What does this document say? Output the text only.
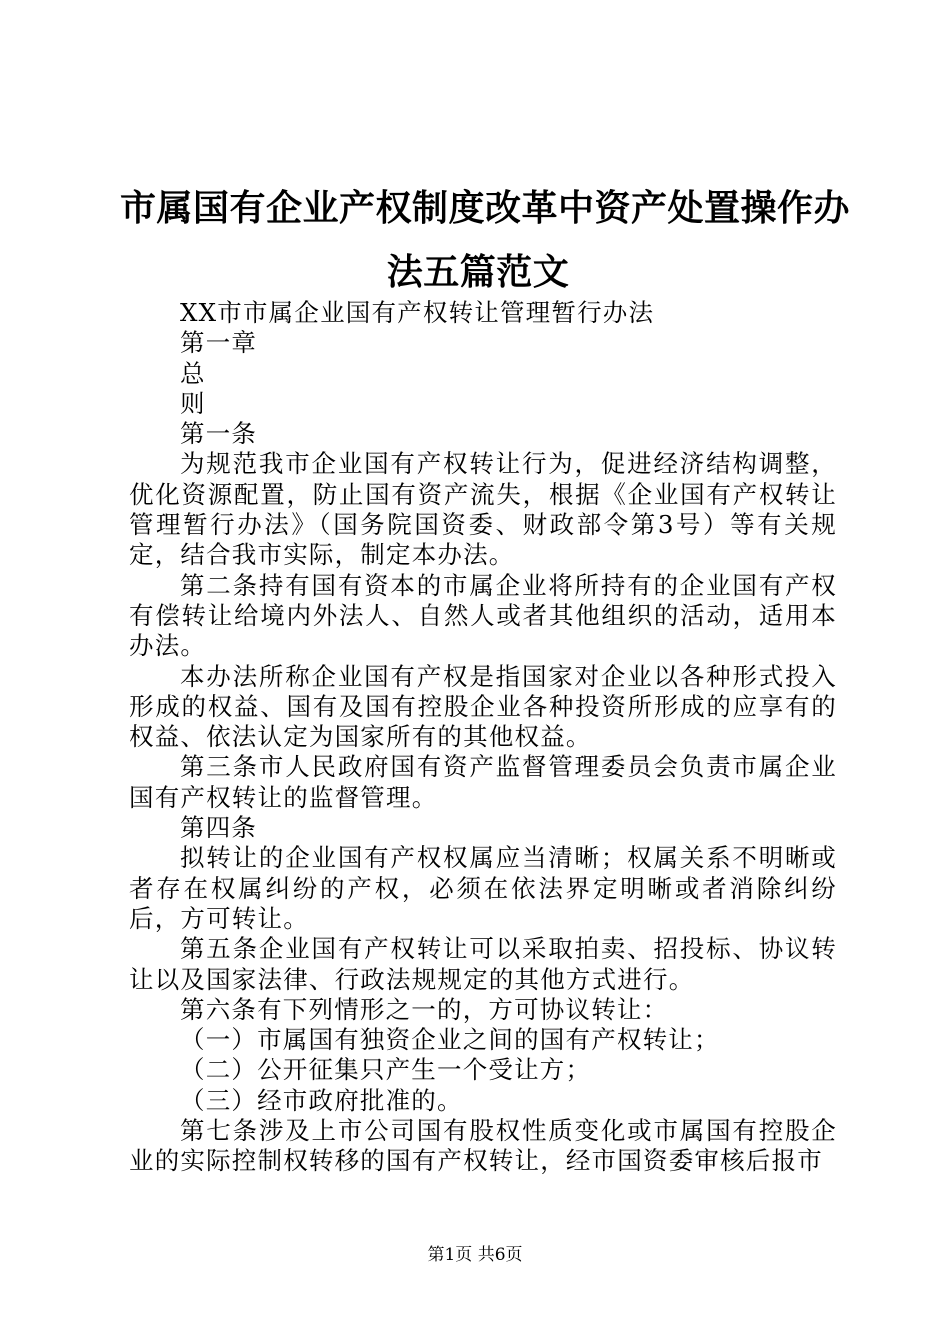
市属国有企业产权制度改革中资产处置操作办
法五篇范文

XX市市属企业国有产权转让管理暂行办法

第一章

总

则

第一条

为规范我市企业国有产权转让行为，促进经济结构调整，优化资源配置，防止国有资产流失，根据《企业国有产权转让管理暂行办法》（国务院国资委、财政部令第3号）等有关规定，结合我市实际，制定本办法。

第二条持有国有资本的市属企业将所持有的企业国有产权有偿转让给境内外法人、自然人或者其他组织的活动，适用本办法。

本办法所称企业国有产权是指国家对企业以各种形式投入形成的权益、国有及国有控股企业各种投资所形成的应享有的权益、依法认定为国家所有的其他权益。

第三条市人民政府国有资产监督管理委员会负责市属企业国有产权转让的监督管理。

第四条

拟转让的企业国有产权权属应当清晰；权属关系不明晰或者存在权属纠纷的产权，必须在依法界定明晰或者消除纠纷后，方可转让。

第五条企业国有产权转让可以采取拍卖、招投标、协议转让以及国家法律、行政法规规定的其他方式进行。

第六条有下列情形之一的，方可协议转让：

（一）市属国有独资企业之间的国有产权转让；

（二）公开征集只产生一个受让方；

（三）经市政府批准的。

第七条涉及上市公司国有股权性质变化或市属国有控股企业的实际控制权转移的国有产权转让，经市国资委审核后报市

第1页 共6页
